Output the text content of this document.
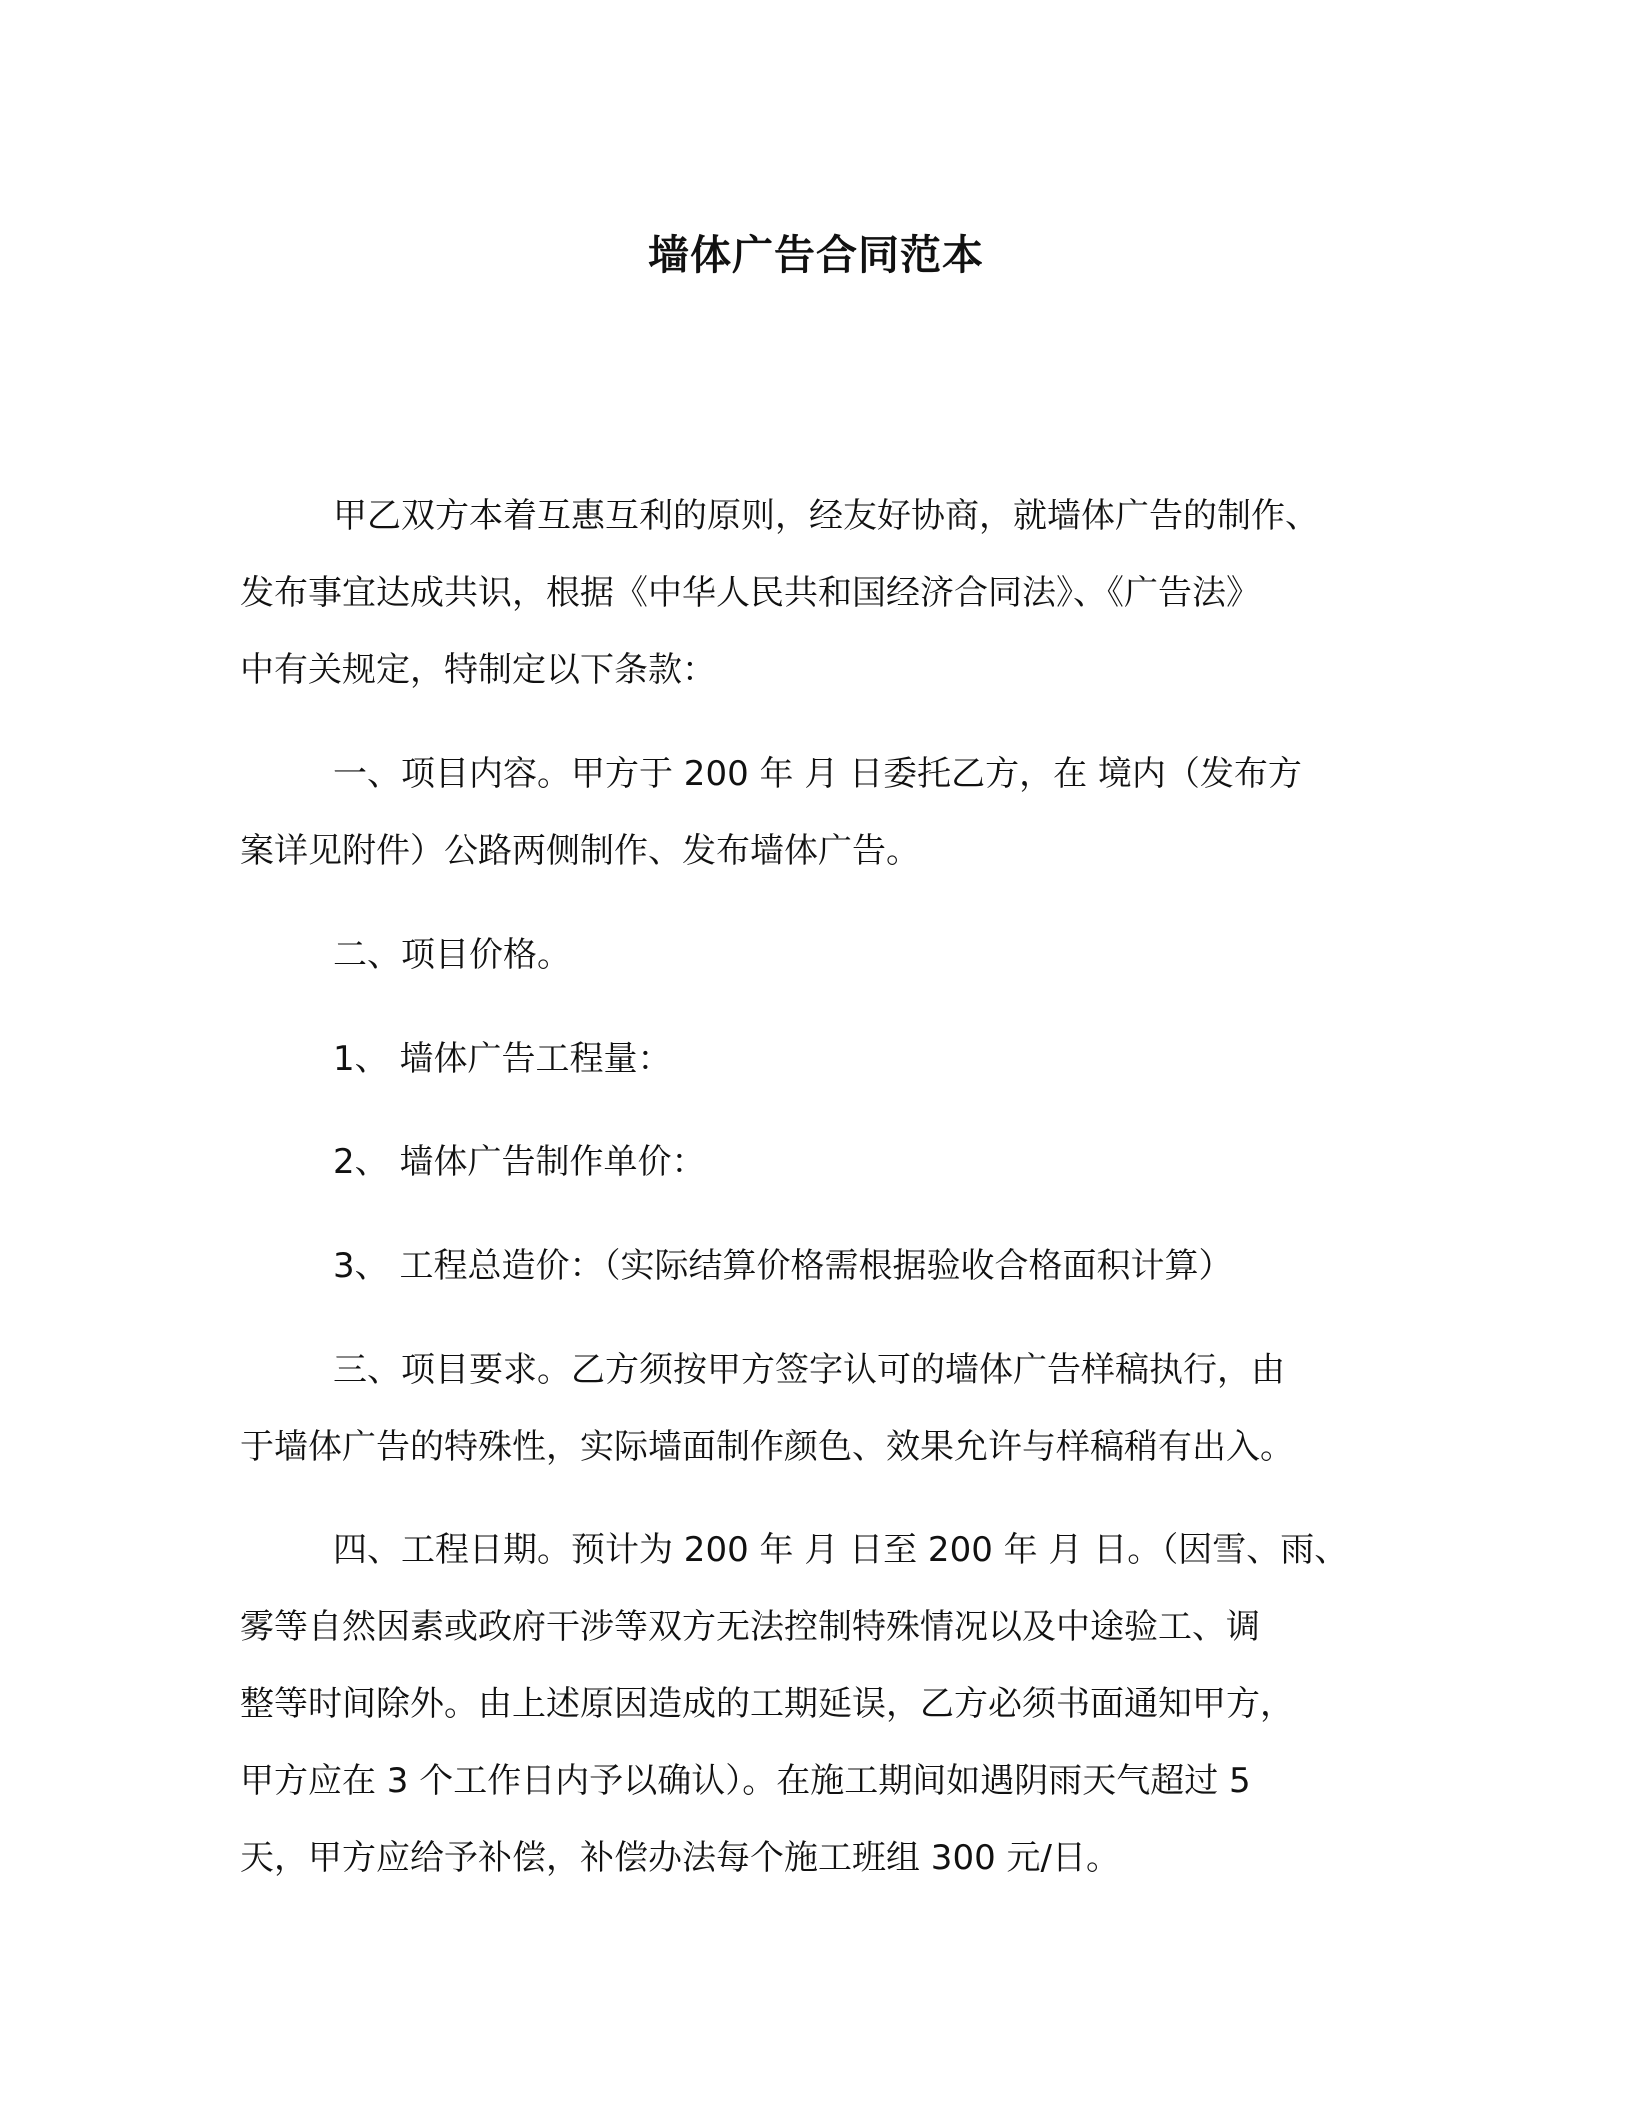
墙体广告合同范本

甲乙双方本着互惠互利的原则，经友好协商，就墙体广告的制作、

发布事宜达成共识，根据《中华人民共和国经济合同法》、《广告法》

中有关规定，特制定以下条款：

一、项目内容。甲方于 200 年 月 日委托乙方，在 境内（发布方

案详见附件）公路两侧制作、发布墙体广告。

二、项目价格。

1、 墙体广告工程量：

2、 墙体广告制作单价：

3、 工程总造价：（实际结算价格需根据验收合格面积计算）

三、项目要求。乙方须按甲方签字认可的墙体广告样稿执行，由

于墙体广告的特殊性，实际墙面制作颜色、效果允许与样稿稍有出入。

四、工程日期。预计为 200 年 月 日至 200 年 月 日。（因雪、雨、

雾等自然因素或政府干涉等双方无法控制特殊情况以及中途验工、调

整等时间除外。由上述原因造成的工期延误，乙方必须书面通知甲方，

甲方应在 3 个工作日内予以确认）。在施工期间如遇阴雨天气超过 5

天，甲方应给予补偿，补偿办法每个施工班组 300 元/日。
